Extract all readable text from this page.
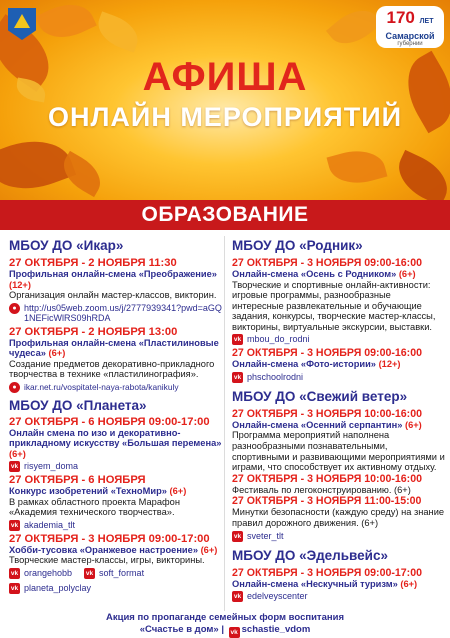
170 ЛЕТ
Самарской
губернии
АФИША
ОНЛАЙН МЕРОПРИЯТИЙ
ОБРАЗОВАНИЕ
МБОУ ДО «Икар»
27 ОКТЯБРЯ - 2 НОЯБРЯ 11:30
Профильная онлайн-смена «Преображение» (12+)
Организация онлайн мастер-классов, викторин.
● http://us05web.zoom.us/j/2777939341?pwd=aGQ1NEFicWlRS09hRDA
27 ОКТЯБРЯ - 2 НОЯБРЯ 13:00
Профильная онлайн-смена «Пластилиновые чудеса» (6+)
Создание предметов декоративно-прикладного творчества в технике «пластилинография».
● ikar.net.ru/vospitatel-naya-rabota/kanikuly
МБОУ ДО «Планета»
27 ОКТЯБРЯ - 6 НОЯБРЯ 09:00-17:00
Онлайн смена по изо и декоративно-прикладному искусству «Большая перемена» (6+)
vk risyem_doma
27 ОКТЯБРЯ - 6 НОЯБРЯ
Конкурс изобретений «ТехноМир» (6+)
В рамках областного проекта Марафон «Академия технического творчества».
vk akademia_tlt
27 ОКТЯБРЯ - 3 НОЯБРЯ 09:00-17:00
Хобби-тусовка «Оранжевое настроение» (6+)
Творческие мастер-классы, игры, викторины.
vk orangehobb vk soft_format
vk planeta_polyclay
МБОУ ДО «Родник»
27 ОКТЯБРЯ - 3 НОЯБРЯ 09:00-16:00
Онлайн-смена «Осень с Родником» (6+)
Творческие и спортивные онлайн-активности: игровые программы, разнообразные интересные развлекательные и обучающие задания, конкурсы, творческие мастер-классы, викторины, виртуальные экскурсии, выставки.
vk mbou_do_rodni
27 ОКТЯБРЯ - 3 НОЯБРЯ 09:00-16:00
Онлайн-смена «Фото-истории» (12+)
vk phschoolrodni
МБОУ ДО «Свежий ветер»
27 ОКТЯБРЯ - 3 НОЯБРЯ 10:00-16:00
Онлайн-смена «Осенний серпантин» (6+)
Программа мероприятий наполнена разнообразными познавательными, спортивными и развивающими мероприятиями и играми, что способствует их активному отдыху.
27 ОКТЯБРЯ - 3 НОЯБРЯ 10:00-16:00
Фестиваль по легоконструированию. (6+)
27 ОКТЯБРЯ - 3 НОЯБРЯ 11:00-15:00
Минутки безопасности (каждую среду) на знание правил дорожного движения. (6+)
vk sveter_tlt
МБОУ ДО «Эдельвейс»
27 ОКТЯБРЯ - 3 НОЯБРЯ 09:00-17:00
Онлайн-смена «Нескучный туризм» (6+)
vk edelveyscenter
Акция по пропаганде семейных форм воспитания
«Счастье в дом» | vk schastie_vdom
